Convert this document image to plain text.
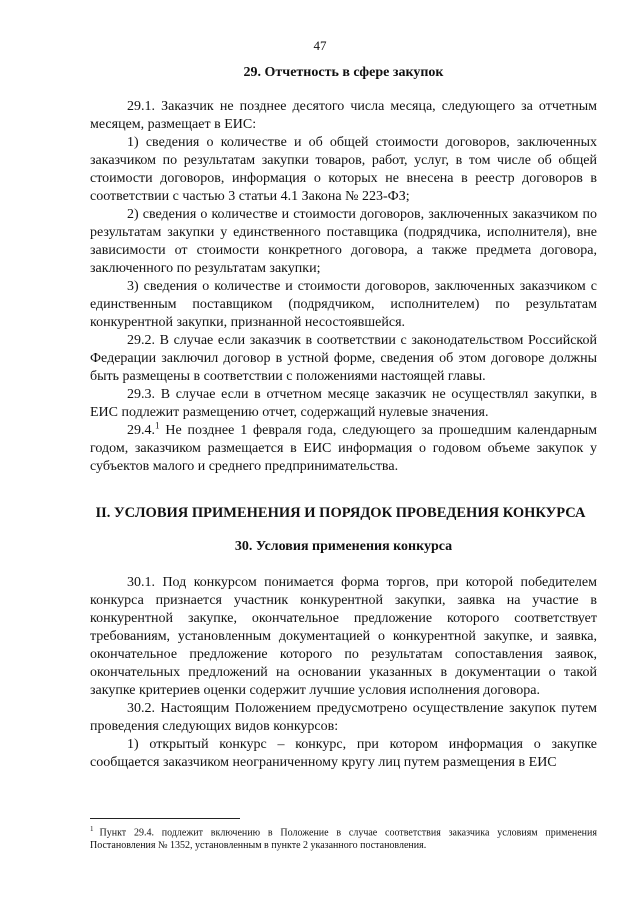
47
29. Отчетность в сфере закупок

29.1. Заказчик не позднее десятого числа месяца, следующего за отчетным месяцем, размещает в ЕИС:

1) сведения о количестве и об общей стоимости договоров, заключенных заказчиком по результатам закупки товаров, работ, услуг, в том числе об общей стоимости договоров, информация о которых не внесена в реестр договоров в соответствии с частью 3 статьи 4.1 Закона № 223-ФЗ;

2) сведения о количестве и стоимости договоров, заключенных заказчиком по результатам закупки у единственного поставщика (подрядчика, исполнителя), вне зависимости от стоимости конкретного договора, а также предмета договора, заключенного по результатам закупки;

3) сведения о количестве и стоимости договоров, заключенных заказчиком с единственным поставщиком (подрядчиком, исполнителем) по результатам конкурентной закупки, признанной несостоявшейся.

29.2. В случае если заказчик в соответствии с законодательством Российской Федерации заключил договор в устной форме, сведения об этом договоре должны быть размещены в соответствии с положениями настоящей главы.

29.3. В случае если в отчетном месяце заказчик не осуществлял закупки, в ЕИС подлежит размещению отчет, содержащий нулевые значения.

29.4.$^1$ Не позднее 1 февраля года, следующего за прошедшим календарным годом, заказчиком размещается в ЕИС информация о годовом объеме закупок у субъектов малого и среднего предпринимательства.

II. УСЛОВИЯ ПРИМЕНЕНИЯ И ПОРЯДОК ПРОВЕДЕНИЯ КОНКУРСА
30. Условия применения конкурса

30.1. Под конкурсом понимается форма торгов, при которой победителем конкурса признается участник конкурентной закупки, заявка на участие в конкурентной закупке, окончательное предложение которого соответствует требованиям, установленным документацией о конкурентной закупке, и заявка, окончательное предложение которого по результатам сопоставления заявок, окончательных предложений на основании указанных в документации о такой закупке критериев оценки содержит лучшие условия исполнения договора.

30.2. Настоящим Положением предусмотрено осуществление закупок путем проведения следующих видов конкурсов:

1) открытый конкурс – конкурс, при котором информация о закупке сообщается заказчиком неограниченному кругу лиц путем размещения в ЕИС

$^1$ Пункт 29.4. подлежит включению в Положение в случае соответствия заказчика условиям применения Постановления № 1352, установленным в пункте 2 указанного постановления.
